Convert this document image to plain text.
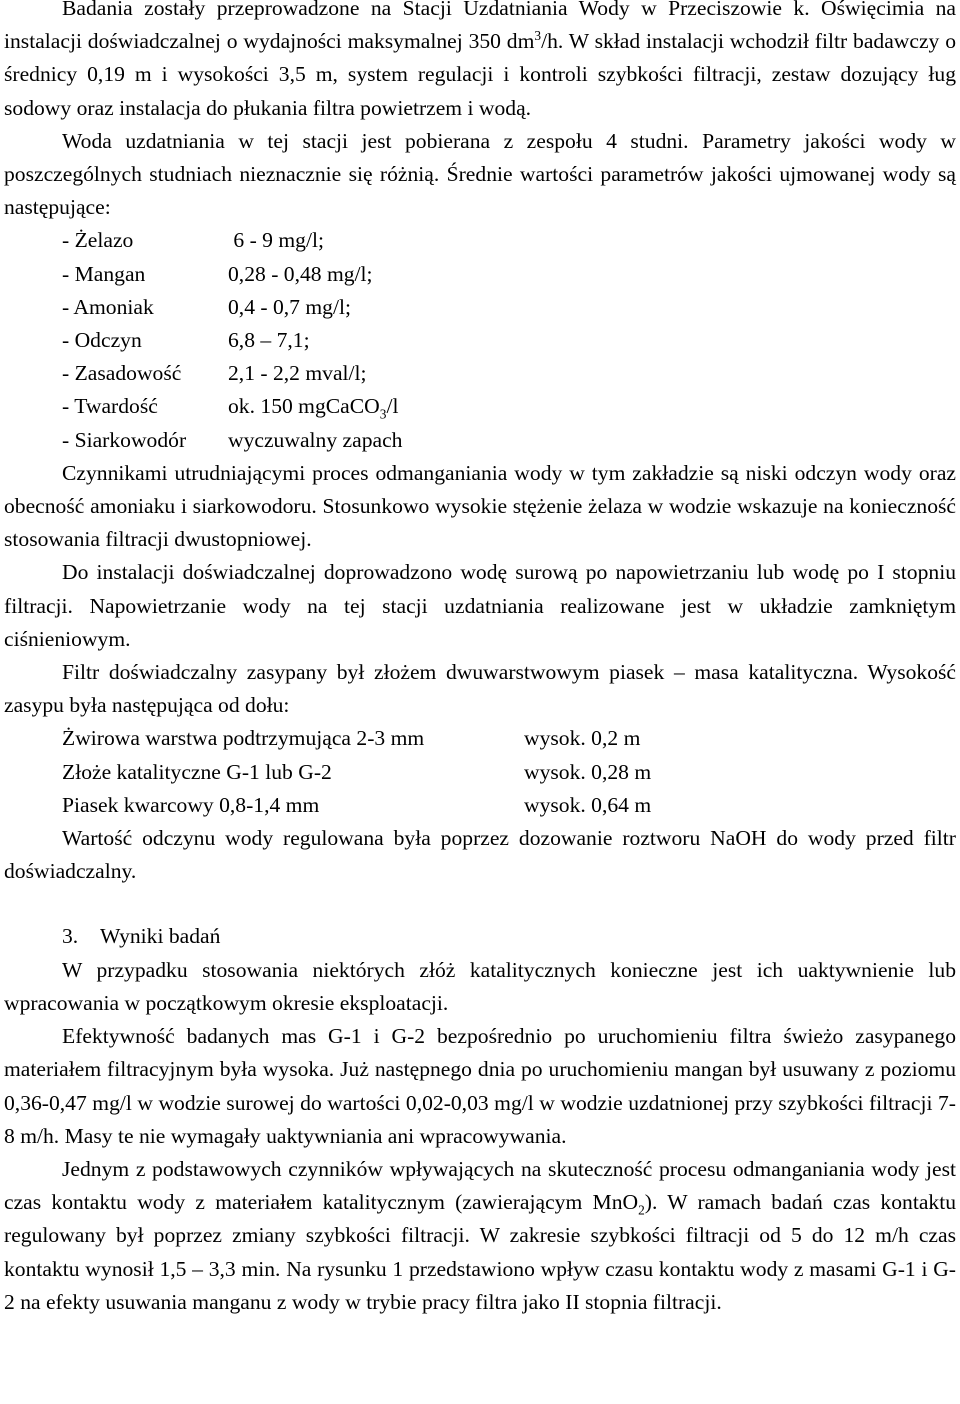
Badania zostały przeprowadzone na Stacji Uzdatniania Wody w Przeciszowie k. Oświęcimia na instalacji doświadczalnej o wydajności maksymalnej 350 $dm^3/h$. W skład instalacji wchodził filtr badawczy o średnicy 0,19 m i wysokości 3,5 m, system regulacji i kontroli szybkości filtracji, zestaw dozujący ług sodowy oraz instalacja do płukania filtra powietrzem i wodą.

Woda uzdatniania w tej stacji jest pobierana z zespołu 4 studni. Parametry jakości wody w poszczególnych studniach nieznacznie się różnią. Średnie wartości parametrów jakości ujmowanej wody są następujące:

- Żelazo	6 - 9 mg/l;
- Mangan	0,28 - 0,48 mg/l;
- Amoniak	0,4 - 0,7 mg/l;
- Odczyn	6,8 – 7,1;
- Zasadowość	2,1 - 2,2 mval/l;
- Twardość	ok. 150 mgCaCO$_3$/l
- Siarkowodór	wyczuwalny zapach

Czynnikami utrudniającymi proces odmanganiania wody w tym zakładzie są niski odczyn wody oraz obecność amoniaku i siarkowodoru. Stosunkowo wysokie stężenie żelaza w wodzie wskazuje na konieczność stosowania filtracji dwustopniowej.

Do instalacji doświadczalnej doprowadzono wodę surową po napowietrzaniu lub wodę po I stopniu filtracji. Napowietrzanie wody na tej stacji uzdatniania realizowane jest w układzie zamkniętym ciśnieniowym.

Filtr doświadczalny zasypany był złożem dwuwarstwowym piasek – masa katalityczna. Wysokość zasypu była następująca od dołu:

Żwirowa warstwa podtrzymująca 2-3 mm	wysok. 0,2 m
Złoże katalityczne G-1 lub G-2	wysok. 0,28 m
Piasek kwarcowy 0,8-1,4 mm	wysok. 0,64 m

Wartość odczynu wody regulowana była poprzez dozowanie roztworu NaOH do wody przed filtr doświadczalny.

3. Wyniki badań

W przypadku stosowania niektórych złóż katalitycznych konieczne jest ich uaktywnienie lub wpracowania w początkowym okresie eksploatacji.

Efektywność badanych mas G-1 i G-2 bezpośrednio po uruchomieniu filtra świeżo zasypanego materiałem filtracyjnym była wysoka. Już następnego dnia po uruchomieniu mangan był usuwany z poziomu 0,36-0,47 mg/l w wodzie surowej do wartości 0,02-0,03 mg/l w wodzie uzdatnionej przy szybkości filtracji 7-8 m/h. Masy te nie wymagały uaktywniania ani wpracowywania.

Jednym z podstawowych czynników wpływających na skuteczność procesu odmanganiania wody jest czas kontaktu wody z materiałem katalitycznym (zawierającym MnO$_2$). W ramach badań czas kontaktu regulowany był poprzez zmiany szybkości filtracji. W zakresie szybkości filtracji od 5 do 12 m/h czas kontaktu wynosił 1,5 – 3,3 min. Na rysunku 1 przedstawiono wpływ czasu kontaktu wody z masami G-1 i G-2 na efekty usuwania manganu z wody w trybie pracy filtra jako II stopnia filtracji.
